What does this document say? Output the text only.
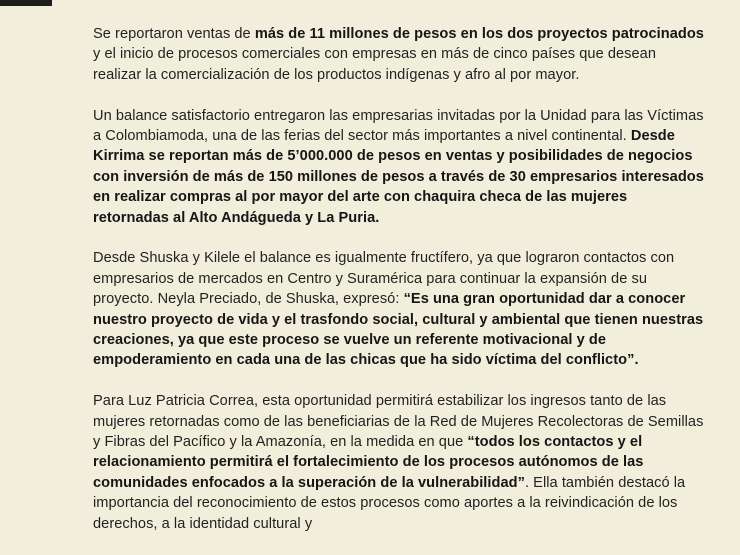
Se reportaron ventas de más de 11 millones de pesos en los dos proyectos patrocinados y el inicio de procesos comerciales con empresas en más de cinco países que desean realizar la comercialización de los productos indígenas y afro al por mayor.

Un balance satisfactorio entregaron las empresarias invitadas por la Unidad para las Víctimas a Colombiamoda, una de las ferias del sector más importantes a nivel continental. Desde Kirrima se reportan más de 5’000.000 de pesos en ventas y posibilidades de negocios con inversión de más de 150 millones de pesos a través de 30 empresarios interesados en realizar compras al por mayor del arte con chaquira checa de las mujeres retornadas al Alto Andágueda y La Puria.

Desde Shuska y Kilele el balance es igualmente fructífero, ya que lograron contactos con empresarios de mercados en Centro y Suramérica para continuar la expansión de su proyecto. Neyla Preciado, de Shuska, expresó: “Es una gran oportunidad dar a conocer nuestro proyecto de vida y el trasfondo social, cultural y ambiental que tienen nuestras creaciones, ya que este proceso se vuelve un referente motivacional y de empoderamiento en cada una de las chicas que ha sido víctima del conflicto”.

Para Luz Patricia Correa, esta oportunidad permitirá estabilizar los ingresos tanto de las mujeres retornadas como de las beneficiarias de la Red de Mujeres Recolectoras de Semillas y Fibras del Pacífico y la Amazonía, en la medida en que “todos los contactos y el relacionamiento permitirá el fortalecimiento de los procesos autónomos de las comunidades enfocados a la superación de la vulnerabilidad”. Ella también destacó la importancia del reconocimiento de estos procesos como aportes a la reivindicación de los derechos, a la identidad cultural y
